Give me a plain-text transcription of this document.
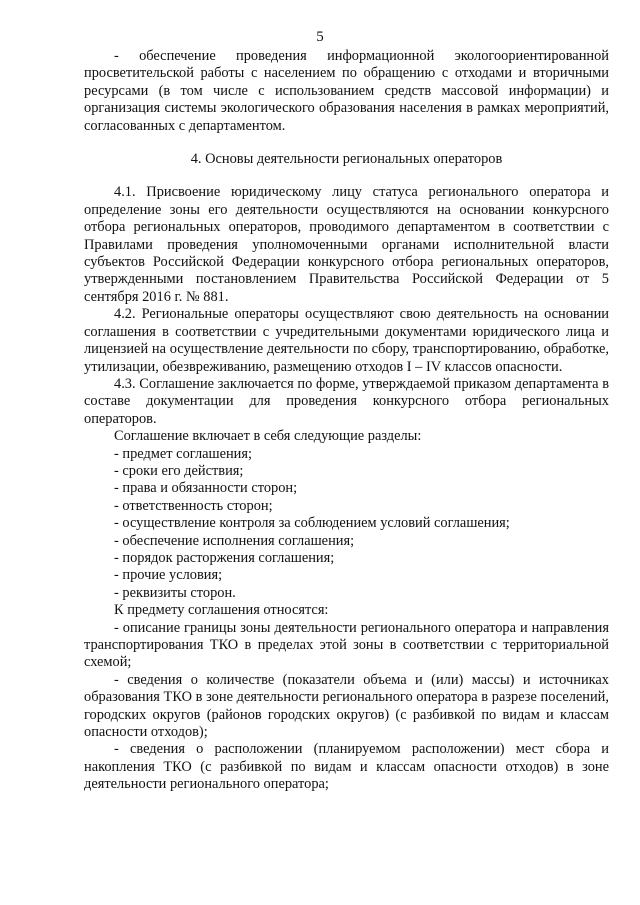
5

- обеспечение проведения информационной экологоориентированной просветительской работы с населением по обращению с отходами и вторичными ресурсами (в том числе с использованием средств массовой информации) и организация системы экологического образования населения в рамках мероприятий, согласованных с департаментом.

4. Основы деятельности региональных операторов

4.1. Присвоение юридическому лицу статуса регионального оператора и определение зоны его деятельности осуществляются на основании конкурсного отбора региональных операторов, проводимого департаментом в соответствии с Правилами проведения уполномоченными органами исполнительной власти субъектов Российской Федерации конкурсного отбора региональных операторов, утвержденными постановлением Правительства Российской Федерации от 5 сентября 2016 г. № 881.

4.2. Региональные операторы осуществляют свою деятельность на основании соглашения в соответствии с учредительными документами юридического лица и лицензией на осуществление деятельности по сбору, транспортированию, обработке, утилизации, обезвреживанию, размещению отходов I – IV классов опасности.

4.3. Соглашение заключается по форме, утверждаемой приказом департамента в составе документации для проведения конкурсного отбора региональных операторов.

Соглашение включает в себя следующие разделы:

- предмет соглашения;

- сроки его действия;

- права и обязанности сторон;

- ответственность сторон;

- осуществление контроля за соблюдением условий соглашения;

- обеспечение исполнения соглашения;

- порядок расторжения соглашения;

- прочие условия;

- реквизиты сторон.

К предмету соглашения относятся:

- описание границы зоны деятельности регионального оператора и направления транспортирования ТКО в пределах этой зоны в соответствии с территориальной схемой;

- сведения о количестве (показатели объема и (или) массы) и источниках образования ТКО в зоне деятельности регионального оператора в разрезе поселений, городских округов (районов городских округов) (с разбивкой по видам и классам опасности отходов);

- сведения о расположении (планируемом расположении) мест сбора и накопления ТКО (с разбивкой по видам и классам опасности отходов) в зоне деятельности регионального оператора;
